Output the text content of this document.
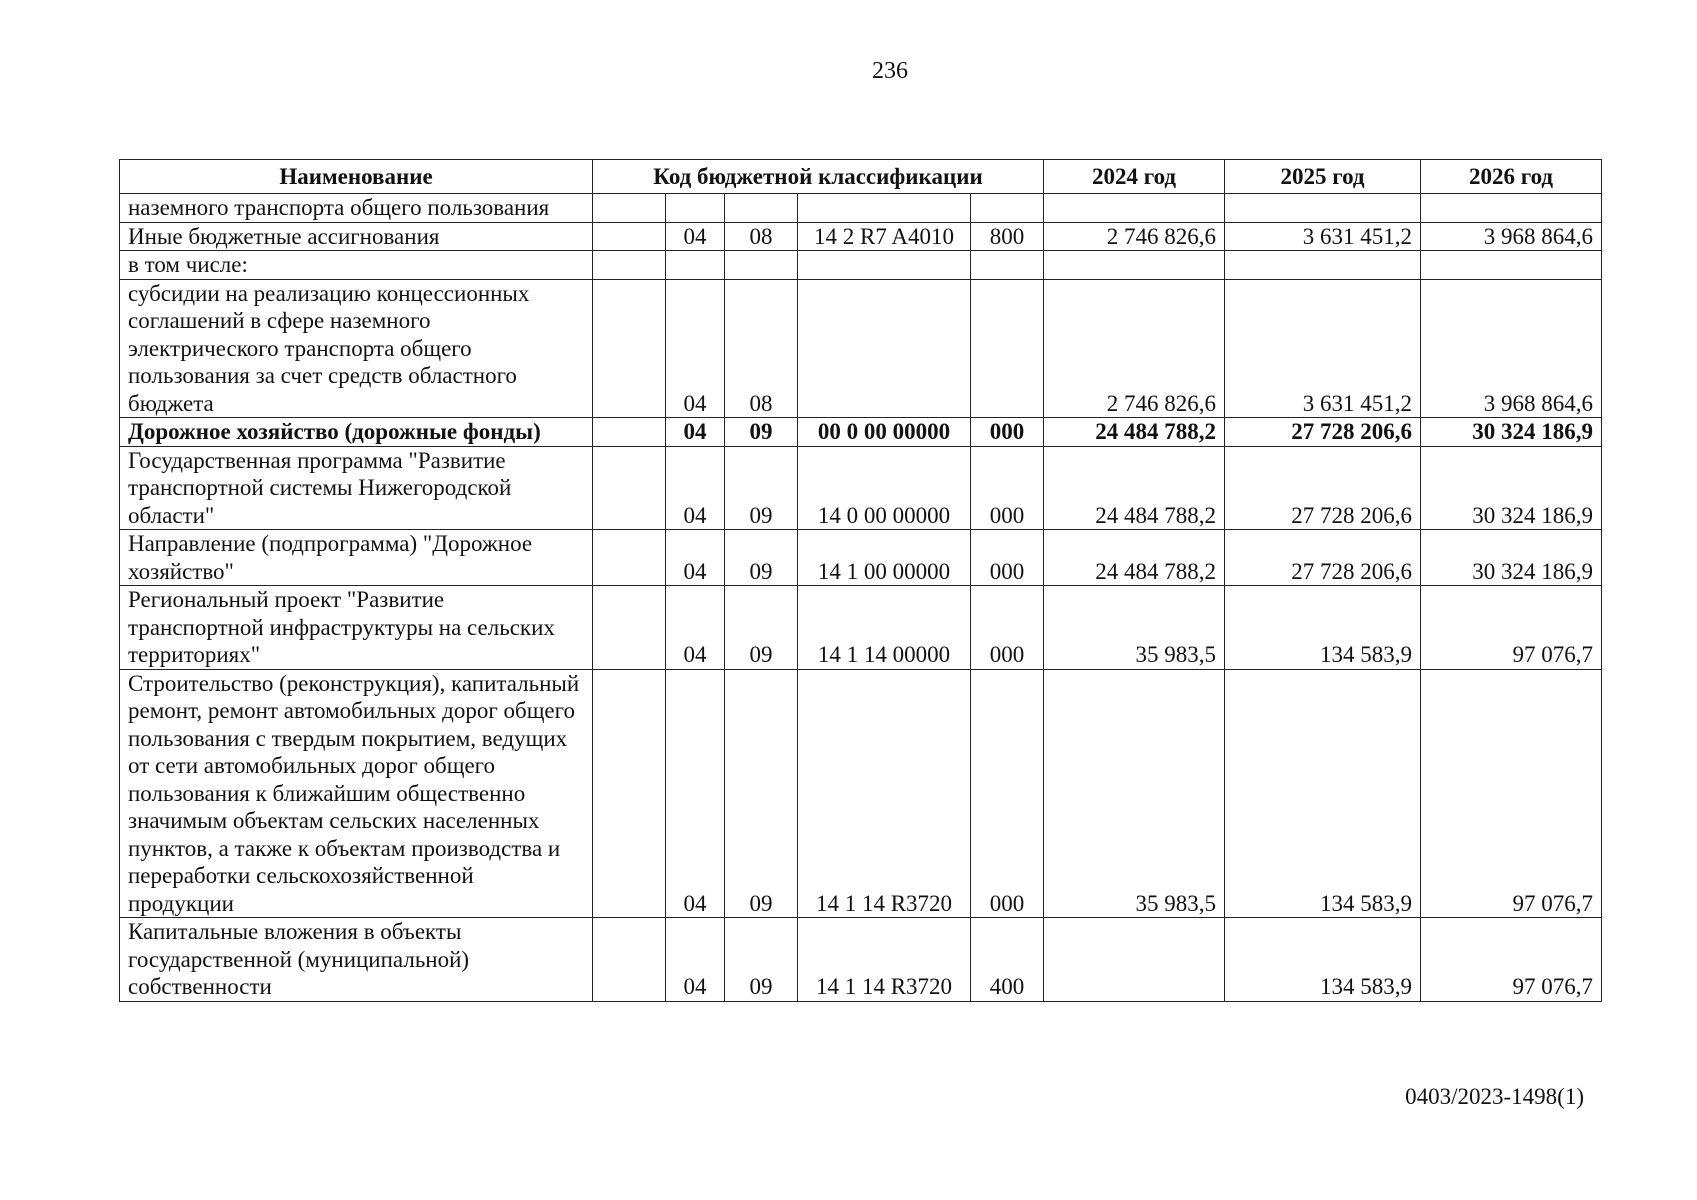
236
Наименование	Код бюджетной классификации					2024 год	2025 год	2026 год
наземного транспорта общего пользования								
Иные бюджетные ассигнования		04	08	14 2 R7 A4010	800	2 746 826,6	3 631 451,2	3 968 864,6
в том числе:								
субсидии на реализацию концессионных соглашений в сфере наземного электрического транспорта общего пользования за счет средств областного бюджета		04	08			2 746 826,6	3 631 451,2	3 968 864,6
Дорожное хозяйство (дорожные фонды)		04	09	00 0 00 00000	000	24 484 788,2	27 728 206,6	30 324 186,9
Государственная программа "Развитие транспортной системы Нижегородской области"		04	09	14 0 00 00000	000	24 484 788,2	27 728 206,6	30 324 186,9
Направление (подпрограмма) "Дорожное хозяйство"		04	09	14 1 00 00000	000	24 484 788,2	27 728 206,6	30 324 186,9
Региональный проект "Развитие транспортной инфраструктуры на сельских территориях"		04	09	14 1 14 00000	000	35 983,5	134 583,9	97 076,7
Строительство (реконструкция), капитальный ремонт, ремонт автомобильных дорог общего пользования с твердым покрытием, ведущих от сети автомобильных дорог общего пользования к ближайшим общественно значимым объектам сельских населенных пунктов, а также к объектам производства и переработки сельскохозяйственной продукции		04	09	14 1 14 R3720	000	35 983,5	134 583,9	97 076,7
Капитальные вложения в объекты государственной (муниципальной) собственности		04	09	14 1 14 R3720	400		134 583,9	97 076,7
0403/2023-1498(1)
